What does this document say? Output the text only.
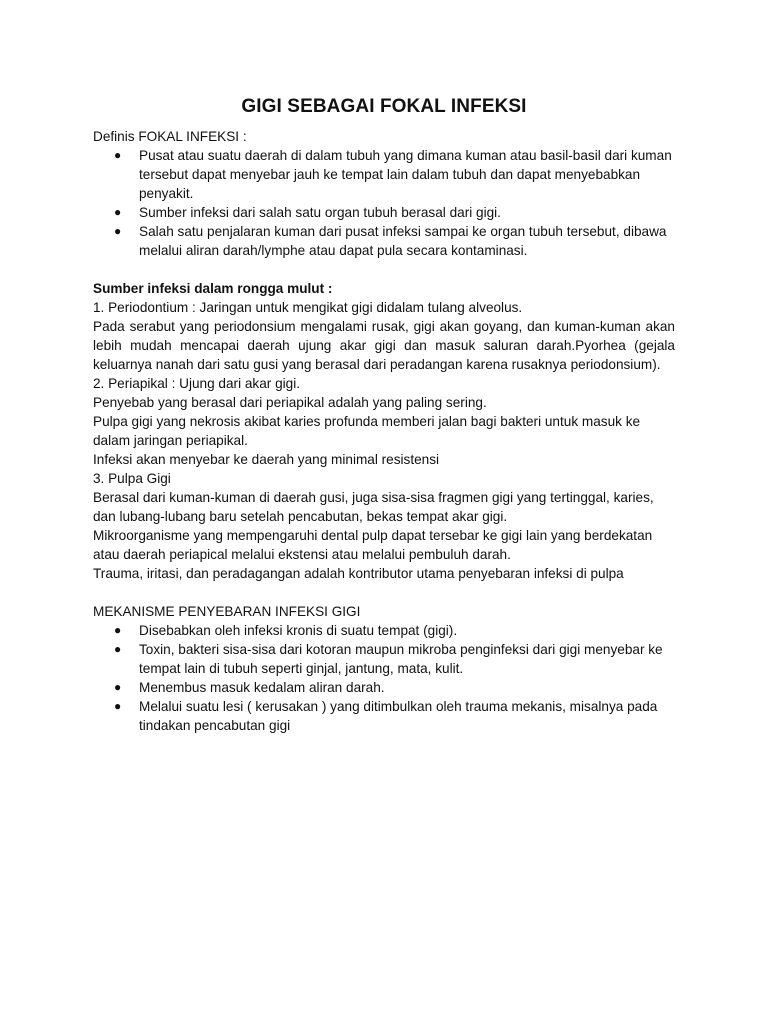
GIGI SEBAGAI FOKAL INFEKSI

Definis FOKAL INFEKSI :

● Pusat atau suatu daerah di dalam tubuh yang dimana kuman atau basil-basil dari kuman tersebut dapat menyebar jauh ke tempat lain dalam tubuh dan dapat menyebabkan penyakit.
● Sumber infeksi dari salah satu organ tubuh berasal dari gigi.
● Salah satu penjalaran kuman dari pusat infeksi sampai ke organ tubuh tersebut, dibawa melalui aliran darah/lymphe atau dapat pula secara kontaminasi.

Sumber infeksi dalam rongga mulut :

1. Periodontium : Jaringan untuk mengikat gigi didalam tulang alveolus.

Pada serabut yang periodonsium mengalami rusak, gigi akan goyang, dan kuman-kuman akan lebih mudah mencapai daerah ujung akar gigi dan masuk saluran darah.Pyorhea (gejala keluarnya nanah dari satu gusi yang berasal dari peradangan karena rusaknya periodonsium).

2. Periapikal : Ujung dari akar gigi.

Penyebab yang berasal dari periapikal adalah yang paling sering.

Pulpa gigi yang nekrosis akibat karies profunda memberi jalan bagi bakteri untuk masuk ke dalam jaringan periapikal.

Infeksi akan menyebar ke daerah yang minimal resistensi

3. Pulpa Gigi

Berasal dari kuman-kuman di daerah gusi, juga sisa-sisa fragmen gigi yang tertinggal, karies, dan lubang-lubang baru setelah pencabutan, bekas tempat akar gigi.

Mikroorganisme yang mempengaruhi dental pulp dapat tersebar ke gigi lain yang berdekatan atau daerah periapical melalui ekstensi atau melalui pembuluh darah.

Trauma, iritasi, dan peradagangan adalah kontributor utama penyebaran infeksi di pulpa

MEKANISME PENYEBARAN INFEKSI GIGI

● Disebabkan oleh infeksi kronis di suatu tempat (gigi).
● Toxin, bakteri sisa-sisa dari kotoran maupun mikroba penginfeksi dari gigi menyebar ke tempat lain di tubuh seperti ginjal, jantung, mata, kulit.
● Menembus masuk kedalam aliran darah.
● Melalui suatu lesi ( kerusakan ) yang ditimbulkan oleh trauma mekanis, misalnya pada tindakan pencabutan gigi
